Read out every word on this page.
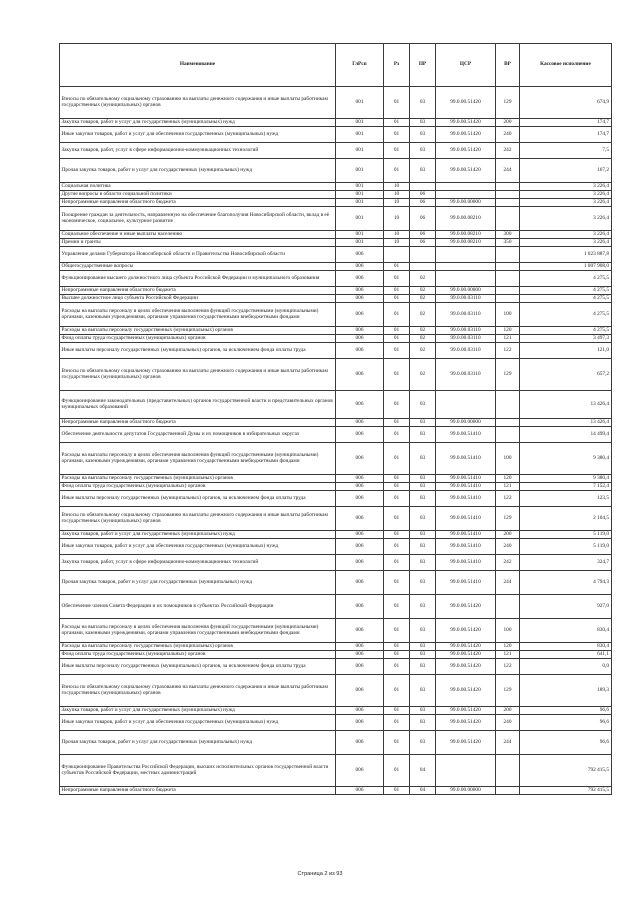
Наименование	ГлРсп	Рз	ПР	ЦСР	ВР	Кассовое исполнение
Взносы по обязательному социальному страхованию на выплаты денежного содержания и иные выплаты работникам государственных (муниципальных) органов	001	01	03	99.0.00.51420	129	674,9
Закупка товаров, работ и услуг для государственных (муниципальных) нужд	001	01	03	99.0.00.51420	200	174,7
Иные закупки товаров, работ и услуг для обеспечения государственных (муниципальных) нужд	001	01	03	99.0.00.51420	240	174,7
Закупка товаров, работ, услуг в сфере информационно-коммуникационных технологий	001	01	03	99.0.00.51420	242	7,5
Прочая закупка товаров, работ и услуг для государственных (муниципальных) нужд	001	01	03	99.0.00.51420	244	167,2
Социальная политика	001	10				3 226,4
Другие вопросы в области социальной политики	001	10	06			3 226,4
Непрограммные направления областного бюджета	001	10	06	99.0.00.00000		3 226,4
Поощрение граждан за деятельность, направленную на обеспечение благополучия Новосибирской области, вклад в её экономическое, социальное, культурное развитие	001	10	06	99.0.00.08210		3 226,4
Социальное обеспечение и иные выплаты населению	001	10	06	99.0.00.08210	300	3 226,4
Премии и гранты	001	10	06	99.0.00.08210	350	3 226,4
Управление делами Губернатора Новосибирской области и Правительства Новосибирской области	006					1 023 887,8
Общегосударственные вопросы	006	01				1 007 908,0
Функционирование высшего должностного лица субъекта Российской Федерации и муниципального образования	006	01	02			4 275,5
Непрограммные направления областного бюджета	006	01	02	99.0.00.00000		4 275,5
Высшее должностное лицо субъекта Российской Федерации	006	01	02	99.0.00.03110		4 275,5
Расходы на выплаты персоналу в целях обеспечения выполнения функций государственными (муниципальными) органами, казенными учреждениями, органами управления государственными внебюджетными фондами	006	01	02	99.0.00.03110	100	4 275,5
Расходы на выплаты персоналу государственных (муниципальных) органов	006	01	02	99.0.00.03110	120	4 275,5
Фонд оплаты труда государственных (муниципальных) органов	006	01	02	99.0.00.03110	121	3 497,3
Иные выплаты персоналу государственных (муниципальных) органов, за исключением фонда оплаты труда	006	01	02	99.0.00.03110	122	121,0
Взносы по обязательному социальному страхованию на выплаты денежного содержания и иные выплаты работникам государственных (муниципальных) органов	006	01	02	99.0.00.03110	129	657,2
Функционирование законодательных (представительных) органов государственной власти и представительных органов муниципальных образований	006	01	03			13 426,4
Непрограммные направления областного бюджета	006	01	03	99.0.00.00000		13 426,4
Обеспечение деятельности депутатов Государственной Думы и их помощников в избирательных округах	006	01	03	99.0.00.51410		14 499,4
Расходы на выплаты персоналу в целях обеспечения выполнения функций государственными (муниципальными) органами, казенными учреждениями, органами управления государственными внебюджетными фондами	006	01	03	99.0.00.51410	100	9 380,4
Расходы на выплаты персоналу государственных (муниципальных) органов	006	01	03	99.0.00.51410	120	9 380,4
Фонд оплаты труда государственных (муниципальных) органов	006	01	03	99.0.00.51410	121	7 152,4
Иные выплаты персоналу государственных (муниципальных) органов, за исключением фонда оплаты труда	006	01	03	99.0.00.51410	122	123,5
Взносы по обязательному социальному страхованию на выплаты денежного содержания и иные выплаты работникам государственных (муниципальных) органов	006	01	03	99.0.00.51410	129	2 104,5
Закупка товаров, работ и услуг для государственных (муниципальных) нужд	006	01	03	99.0.00.51410	200	5 119,0
Иные закупки товаров, работ и услуг для обеспечения государственных (муниципальных) нужд	006	01	03	99.0.00.51410	240	5 119,0
Закупка товаров, работ, услуг в сфере информационно-коммуникационных технологий	006	01	03	99.0.00.51410	242	324,7
Прочая закупка товаров, работ и услуг для государственных (муниципальных) нужд	006	01	03	99.0.00.51410	244	4 794,3
Обеспечение членов Совета Федерации и их помощников в субъектах Российской Федерации	006	01	03	99.0.00.51420		927,0
Расходы на выплаты персоналу в целях обеспечения выполнения функций государственными (муниципальными) органами, казенными учреждениями, органами управления государственными внебюджетными фондами	006	01	03	99.0.00.51420	100	830,4
Расходы на выплаты персоналу государственных (муниципальных) органов	006	01	03	99.0.00.51420	120	830,4
Фонд оплаты труда государственных (муниципальных) органов	006	01	03	99.0.00.51420	121	641,1
Иные выплаты персоналу государственных (муниципальных) органов, за исключением фонда оплаты труда	006	01	03	99.0.00.51420	122	0,0
Взносы по обязательному социальному страхованию на выплаты денежного содержания и иные выплаты работникам государственных (муниципальных) органов	006	01	03	99.0.00.51420	129	189,3
Закупка товаров, работ и услуг для государственных (муниципальных) нужд	006	01	03	99.0.00.51420	200	96,6
Иные закупки товаров, работ и услуг для обеспечения государственных (муниципальных) нужд	006	01	03	99.0.00.51420	240	96,6
Прочая закупка товаров, работ и услуг для государственных (муниципальных) нужд	006	01	03	99.0.00.51420	244	96,6
Функционирование Правительства Российской Федерации, высших исполнительных органов государственной власти субъектов Российской Федерации, местных администраций	006	01	04			792 415,5
Непрограммные направления областного бюджета	006	01	04	99.0.00.00000		792 415,5
Страница 2 из 93
